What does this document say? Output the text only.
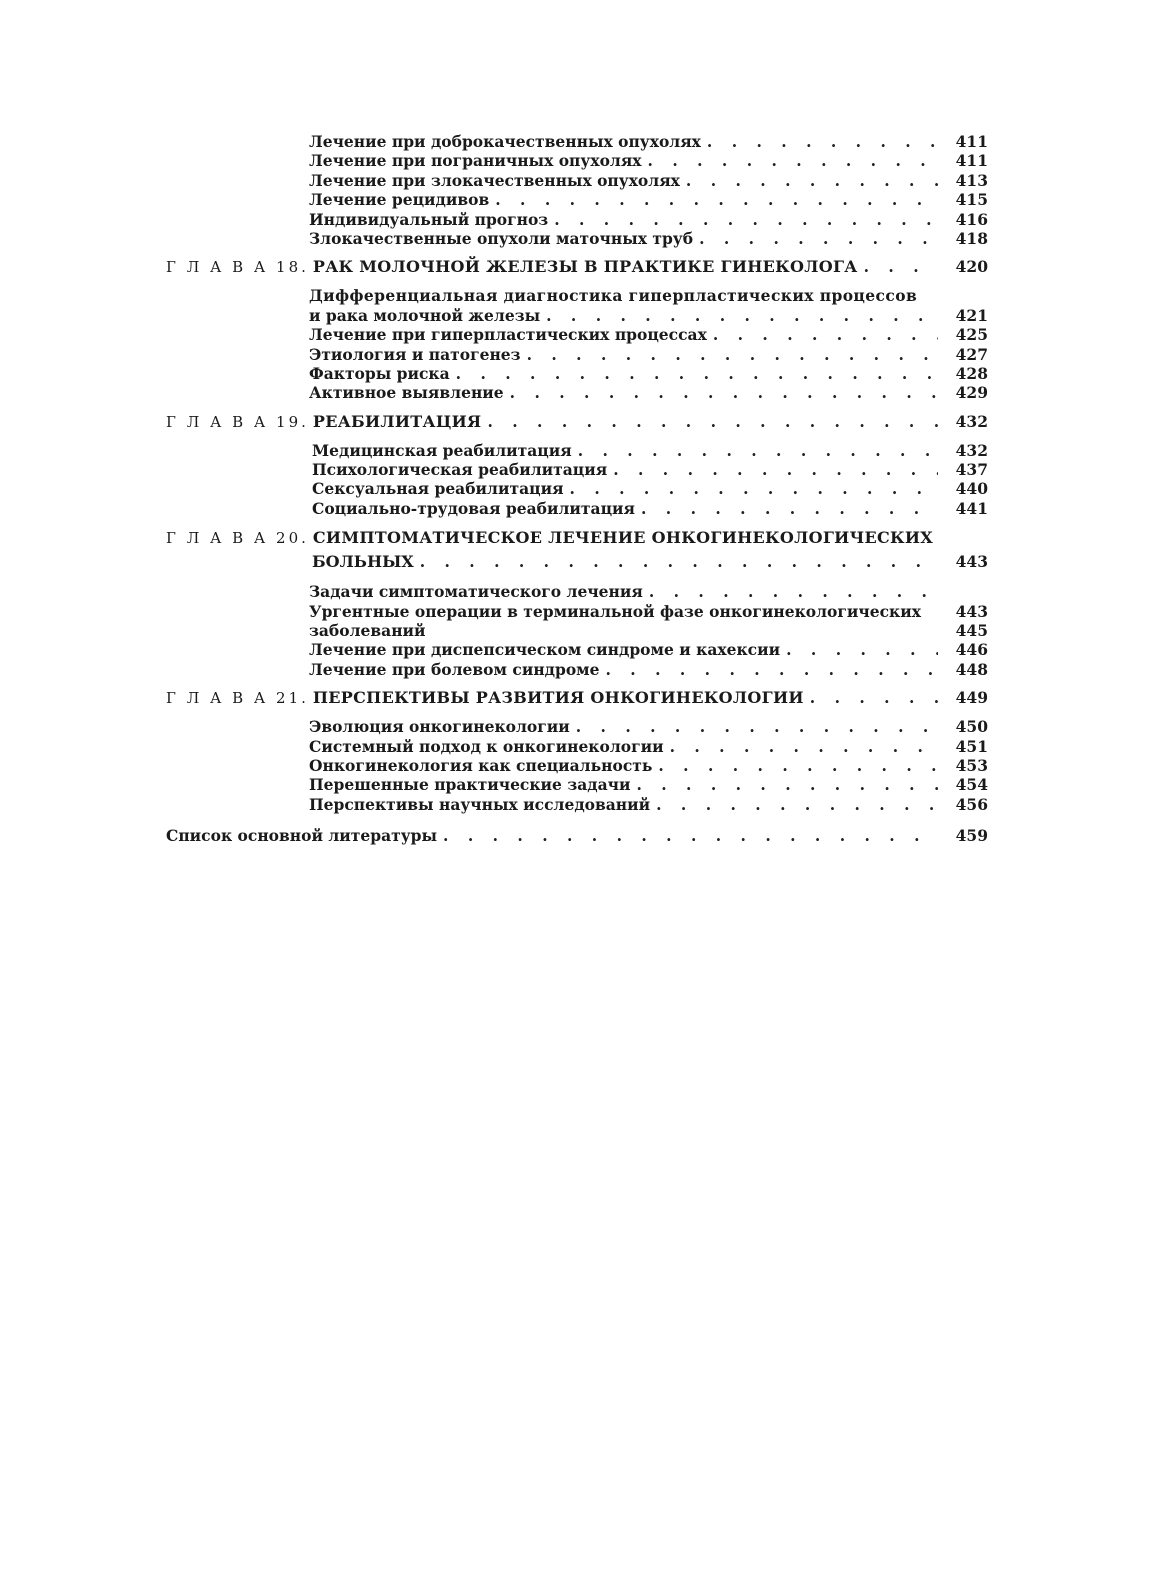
Лечение при доброкачественных опухолях . . .	411
Лечение при пограничных опухолях . . .	411
Лечение при злокачественных опухолях . . .	413
Лечение рецидивов . . .	415
Индивидуальный прогноз . . .	416
Злокачественные опухоли маточных труб . . .	418
Г Л А В А 18. РАК МОЛОЧНОЙ ЖЕЛЕЗЫ В ПРАКТИКЕ ГИНЕКОЛОГА . . .	420
Дифференциальная диагностика гиперпластических процессов
и рака молочной железы . . .	421
Лечение при гиперпластических процессах . . .	425
Этиология и патогенез . . .	427
Факторы риска . . .	428
Активное выявление . . .	429
Г Л А В А 19. РЕАБИЛИТАЦИЯ . . .	432
Медицинская реабилитация . . .	432
Психологическая реабилитация . . .	437
Сексуальная реабилитация . . .	440
Социально-трудовая реабилитация . . .	441
Г Л А В А 20. СИМПТОМАТИЧЕСКОЕ ЛЕЧЕНИЕ ОНКОГИНЕКОЛОГИЧЕСКИХ
БОЛЬНЫХ . . .	443
Задачи симптоматического лечения
. . .
Ургентные операции в терминальной фазе онкогинекологических	443
заболеваний	445
Лечение при диспепсическом синдроме и кахексии . . .	446
Лечение при болевом синдроме . . .	448
Г Л А В А 21. ПЕРСПЕКТИВЫ РАЗВИТИЯ ОНКОГИНЕКОЛОГИИ . . .	449
Эволюция онкогинекологии . . .	450
Системный подход к онкогинекологии . . .	451
Онкогинекология как специальность . . .	453
Перешенные практические задачи . . .	454
Перспективы научных исследований . . .	456
Список основной литературы . . .	459
